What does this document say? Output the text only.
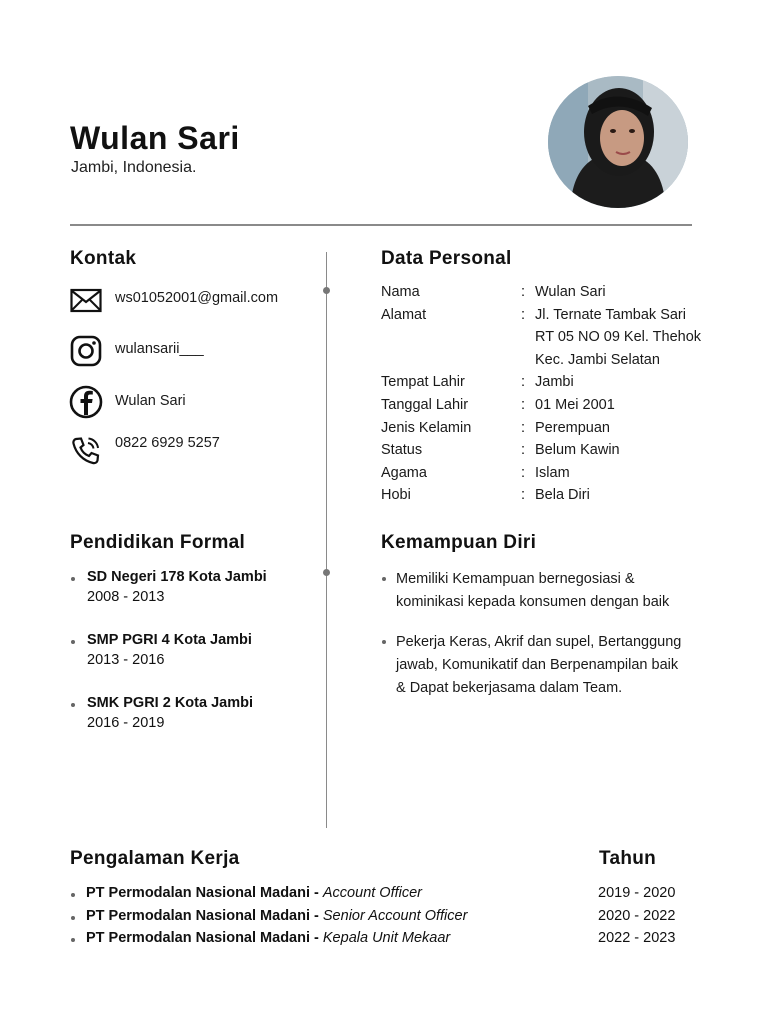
Wulan Sari
Jambi, Indonesia.
Kontak
ws01052001@gmail.com
wulansarii___
Wulan Sari
0822 6929 5257
Data Personal
Nama	: Wulan Sari
Alamat	: Jl. Ternate Tambak Sari
RT 05 NO 09 Kel. Thehok
Kec. Jambi Selatan
Tempat Lahir	: Jambi
Tanggal Lahir	: 01 Mei 2001
Jenis Kelamin	: Perempuan
Status	: Belum Kawin
Agama	: Islam
Hobi	: Bela Diri
Pendidikan Formal
SD Negeri 178 Kota Jambi
2008 - 2013
SMP PGRI 4 Kota Jambi
2013 - 2016
SMK PGRI 2 Kota Jambi
2016 - 2019
Kemampuan Diri
Memiliki Kemampuan bernegosiasi &
kominikasi kepada konsumen dengan baik
Pekerja Keras, Akrif dan supel, Bertanggung
jawab, Komunikatif dan Berpenampilan baik
& Dapat bekerjasama dalam Team.
Pengalaman Kerja	Tahun
PT Permodalan Nasional Madani - Account Officer	2019 - 2020
PT Permodalan Nasional Madani - Senior Account Officer	2020 - 2022
PT Permodalan Nasional Madani - Kepala Unit Mekaar	2022 - 2023
